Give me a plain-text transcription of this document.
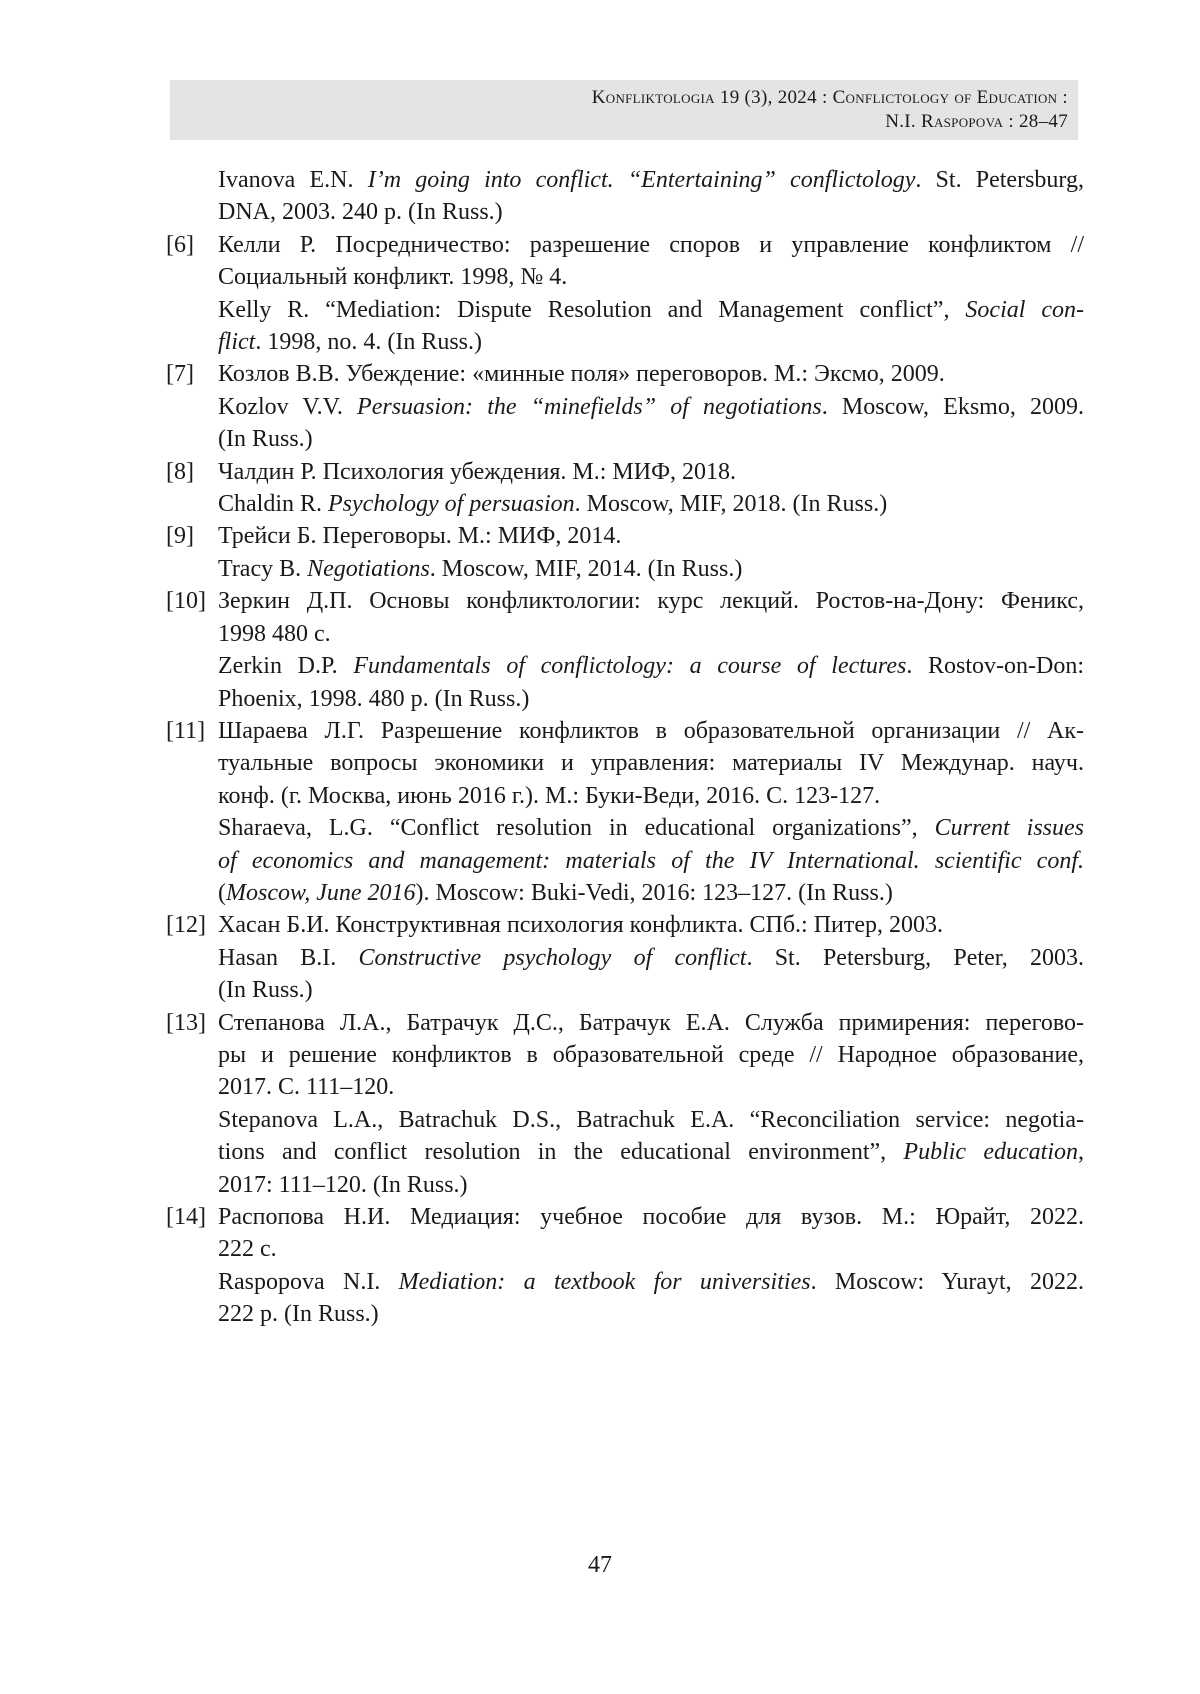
Konfliktologia 19 (3), 2024 : Conflictology of Education :
N.I. Raspopova : 28–47
Ivanova E.N. I’m going into conflict. “Entertaining” conflictology. St. Petersburg,
DNA, 2003. 240 p. (In Russ.)
[6]	Келли Р. Посредничество: разрешение споров и управление конфликтом //
Социальный конфликт. 1998, № 4.
Kelly R. “Mediation: Dispute Resolution and Management conflict”, Social con-
flict. 1998, no. 4. (In Russ.)
[7]	Козлов В.В. Убеждение: «минные поля» переговоров. М.: Эксмо, 2009.
Kozlov V.V. Persuasion: the “minefields” of negotiations. Moscow, Eksmo, 2009.
(In Russ.)
[8]	Чалдин Р. Психология убеждения. М.: МИФ, 2018.
Chaldin R. Psychology of persuasion. Moscow, MIF, 2018. (In Russ.)
[9]	Трейси Б. Переговоры. М.: МИФ, 2014.
Tracy B. Negotiations. Moscow, MIF, 2014. (In Russ.)
[10] Зеркин Д.П. Основы конфликтологии: курс лекций. Ростов-на-Дону: Феникс,
1998 480 с.
Zerkin D.P. Fundamentals of conflictology: a course of lectures. Rostov-on-Don:
Phoenix, 1998. 480 p. (In Russ.)
[11] Шараева Л.Г. Разрешение конфликтов в образовательной организации // Ак-
туальные вопросы экономики и управления: материалы IV Междунар. науч.
конф. (г. Москва, июнь 2016 г.). М.: Буки-Веди, 2016. С. 123-127.
Sharaeva, L.G. “Conflict resolution in educational organizations”, Current issues
of economics and management: materials of the IV International. scientific conf.
(Moscow, June 2016). Moscow: Buki-Vedi, 2016: 123–127. (In Russ.)
[12] Хасан Б.И. Конструктивная психология конфликта. СПб.: Питер, 2003.
Hasan B.I. Constructive psychology of conflict. St. Petersburg, Peter, 2003.
(In Russ.)
[13] Степанова Л.А., Батрачук Д.С., Батрачук Е.А. Служба примирения: перегово-
ры и решение конфликтов в образовательной среде // Народное образование,
2017. С. 111–120.
Stepanova L.A., Batrachuk D.S., Batrachuk E.A. “Reconciliation service: negotia-
tions and conflict resolution in the educational environment”, Public education,
2017: 111–120. (In Russ.)
[14] Распопова Н.И. Медиация: учебное пособие для вузов. М.: Юрайт, 2022.
222 с.
Raspopova N.I. Mediation: a textbook for universities. Moscow: Yurayt, 2022.
222 p. (In Russ.)
47
